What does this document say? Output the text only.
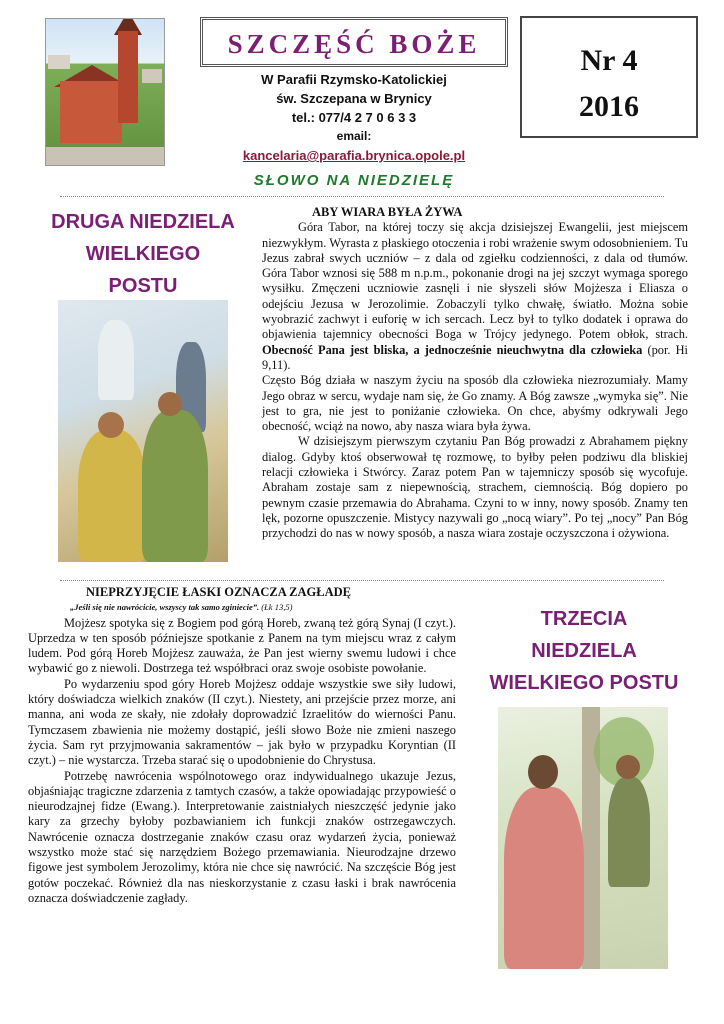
SZCZĘŚĆ BOŻE
W Parafii Rzymsko-Katolickiej
św. Szczepana w Brynicy
tel.: 077/4 2 7 0 6 3 3
email:
kancelaria@parafia.brynica.opole.pl
Nr 4
2016
SŁOWO NA NIEDZIELĘ
DRUGA NIEDZIELA
WIELKIEGO
POSTU
ABY WIARA BYŁA ŻYWA

Góra Tabor, na której toczy się akcja dzisiejszej Ewangelii, jest miejscem niezwykłym. Wyrasta z płaskiego otoczenia i robi wrażenie swym odosobnieniem. Tu Jezus zabrał swych uczniów – z dala od zgiełku codzienności, z dala od tłumów. Góra Tabor wznosi się 588 m n.p.m., pokonanie drogi na jej szczyt wymaga sporego wysiłku. Zmęczeni uczniowie zasnęli i nie słyszeli słów Mojżesza i Eliasza o odejściu Jezusa w Jerozolimie. Zobaczyli tylko chwałę, światło. Można sobie wyobrazić zachwyt i euforię w ich sercach. Lecz był to tylko dodatek i oprawa do objawienia tajemnicy obecności Boga w Trójcy jedynego. Potem obłok, strach. Obecność Pana jest bliska, a jednocześnie nieuchwytna dla człowieka (por. Hi 9,11).

Często Bóg działa w naszym życiu na sposób dla człowieka niezrozumiały. Mamy Jego obraz w sercu, wydaje nam się, że Go znamy. A Bóg zawsze „wymyka się”. Nie jest to gra, nie jest to poniżanie człowieka. On chce, abyśmy odkrywali Jego obecność, wciąż na nowo, aby nasza wiara była żywa.

W dzisiejszym pierwszym czytaniu Pan Bóg prowadzi z Abrahamem piękny dialog. Gdyby ktoś obserwował tę rozmowę, to byłby pełen podziwu dla bliskiej relacji człowieka i Stwórcy. Zaraz potem Pan w tajemniczy sposób się wycofuje. Abraham zostaje sam z niepewnością, strachem, ciemnością. Bóg dopiero po pewnym czasie przemawia do Abrahama. Czyni to w inny, nowy sposób. Znamy ten lęk, pozorne opuszczenie. Mistycy nazywali go „nocą wiary”. Po tej „nocy” Pan Bóg przychodzi do nas w nowy sposób, a nasza wiara zostaje oczyszczona i ożywiona.

NIEPRZYJĘCIE ŁASKI OZNACZA ZAGŁADĘ
„Jeśli się nie nawrócicie, wszyscy tak samo zginiecie”. (Łk 13,5)

Mojżesz spotyka się z Bogiem pod górą Horeb, zwaną też górą Synaj (I czyt.). Uprzedza w ten sposób późniejsze spotkanie z Panem na tym miejscu wraz z całym ludem. Pod górą Horeb Mojżesz zauważa, że Pan jest wierny swemu ludowi i chce wybawić go z niewoli. Dostrzega też współbraci oraz swoje osobiste powołanie.

Po wydarzeniu spod góry Horeb Mojżesz oddaje wszystkie swe siły ludowi, który doświadcza wielkich znaków (II czyt.). Niestety, ani przejście przez morze, ani manna, ani woda ze skały, nie zdołały doprowadzić Izraelitów do wierności Panu. Tymczasem zbawienia nie możemy dostąpić, jeśli słowo Boże nie zmieni naszego życia. Sam ryt przyjmowania sakramentów – jak było w przypadku Koryntian (II czyt.) – nie wystarcza. Trzeba starać się o upodobnienie do Chrystusa.

Potrzebę nawrócenia wspólnotowego oraz indywidualnego ukazuje Jezus, objaśniając tragiczne zdarzenia z tamtych czasów, a także opowiadając przypowieść o nieurodzajnej fidze (Ewang.). Interpretowanie zaistniałych nieszczęść jedynie jako kary za grzechy byłoby pozbawianiem ich funkcji znaków ostrzegawczych. Nawrócenie oznacza dostrzeganie znaków czasu oraz wydarzeń życia, ponieważ wszystko może stać się narzędziem Bożego przemawiania. Nieurodzajne drzewo figowe jest symbolem Jerozolimy, która nie chce się nawrócić. Na szczęście Bóg jest gotów poczekać. Również dla nas nieskorzystanie z czasu łaski i brak nawrócenia oznacza doświadczenie zagłady.

TRZECIA
NIEDZIELA
WIELKIEGO POSTU
